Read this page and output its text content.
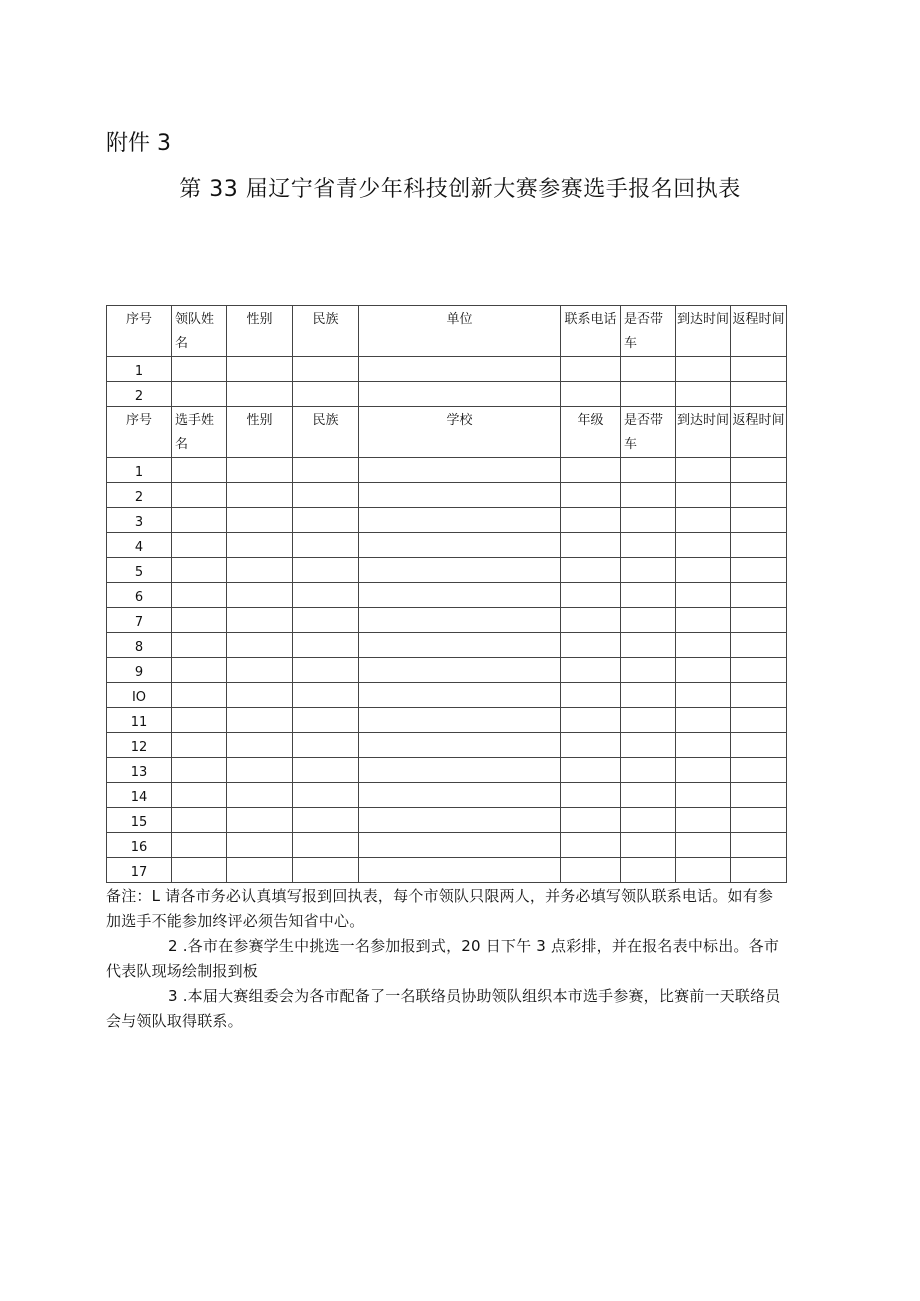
附件 3
第 33 届辽宁省青少年科技创新大赛参赛选手报名回执表
序号	领队姓名	性别	民族	单位	联系电话	是否带车	到达时间	返程时间
1								
2								
序号	选手姓名	性别	民族	学校	年级	是否带车	到达时间	返程时间
1								
2								
3								
4								
5								
6								
7								
8								
9								
IO								
11								
12								
13								
14								
15								
16								
17								

备注：L 请各市务必认真填写报到回执表，每个市领队只限两人，并务必填写领队联系电话。如有参加选手不能参加终评必须告知省中心。

2 .各市在参赛学生中挑选一名参加报到式，20 日下午 3 点彩排，并在报名表中标出。各市代表队现场绘制报到板

3 .本届大赛组委会为各市配备了一名联络员协助领队组织本市选手参赛，比赛前一天联络员会与领队取得联系。
